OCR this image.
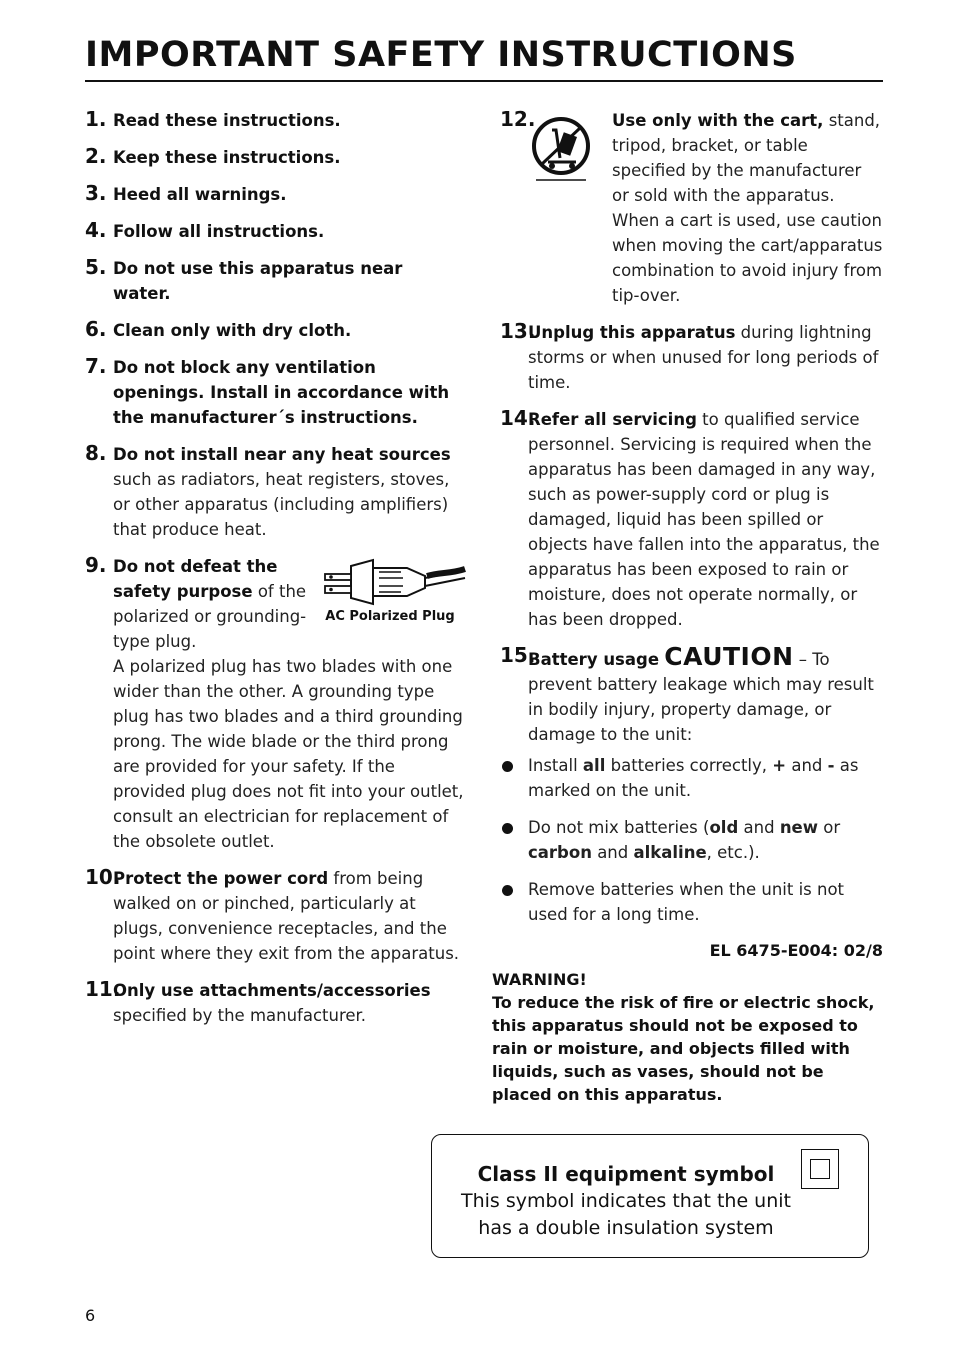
IMPORTANT SAFETY INSTRUCTIONS
1. Read these instructions.
2. Keep these instructions.
3. Heed all warnings.
4. Follow all instructions.
5. Do not use this apparatus near water.
6. Clean only with dry cloth.
7. Do not block any ventilation openings. Install in accordance with the manufacturer´s instructions.
8. Do not install near any heat sources such as radiators, heat registers, stoves, or other apparatus (including amplifiers) that produce heat.
9.
AC Polarized Plug
Do not defeat the safety purpose of the polarized or grounding-type plug.
A polarized plug has two blades with one wider than the other. A grounding type plug has two blades and a third grounding prong. The wide blade or the third prong are provided for your safety. If the provided plug does not fit into your outlet, consult an electrician for replacement of the obsolete outlet.
10.
Protect the power cord from being walked on or pinched, particularly at plugs, convenience receptacles, and the point where they exit from the apparatus.
11.
Only use attachments/accessories specified by the manufacturer.
12.	Use only with the cart, stand, tripod, bracket, or table specified by the manufacturer or sold with the apparatus. When a cart is used, use caution when moving the cart/apparatus combination to avoid injury from tip-over.
13.
Unplug this apparatus during lightning storms or when unused for long periods of time.
14.
Refer all servicing to qualified service personnel. Servicing is required when the apparatus has been damaged in any way, such as power-supply cord or plug is damaged, liquid has been spilled or objects have fallen into the apparatus, the apparatus has been exposed to rain or moisture, does not operate normally, or has been dropped.
15.
Battery usage CAUTION – To prevent battery leakage which may result in bodily injury, property damage, or damage to the unit:
Install all batteries correctly, + and - as marked on the unit.
Do not mix batteries (old and new or carbon and alkaline, etc.).
Remove batteries when the unit is not used for a long time.
EL 6475-E004: 02/8
WARNING!
To reduce the risk of fire or electric shock, this apparatus should not be exposed to rain or moisture, and objects filled with liquids, such as vases, should not be placed on this apparatus.
Class II equipment symbol
This symbol indicates that the unit has a double insulation system
6
